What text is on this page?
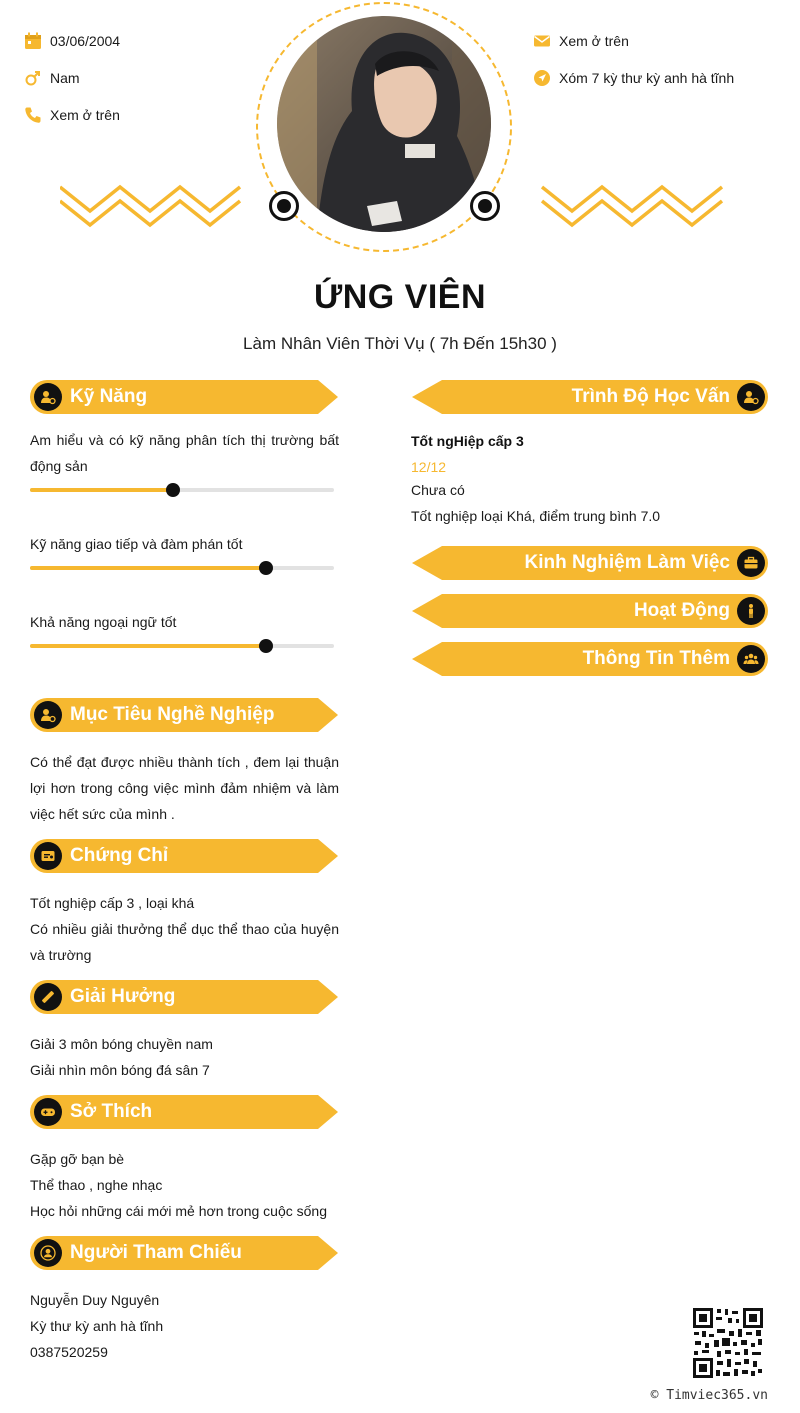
03/06/2004
Nam
Xem ở trên
Xem ở trên
Xóm 7 kỳ thư kỳ anh hà tĩnh
ỨNG VIÊN
Làm Nhân Viên Thời Vụ ( 7h Đến 15h30 )
Kỹ Năng
Am hiểu và có kỹ năng phân tích thị trường bất động sản
Kỹ năng giao tiếp và đàm phán tốt
Khả năng ngoại ngữ tốt
Mục Tiêu Nghề Nghiệp
Có thể đạt được nhiều thành tích , đem lại thuận lợi hơn trong công việc mình đảm nhiệm và làm việc hết sức của mình .
Chứng Chỉ
Tốt nghiệp cấp 3 , loại khá
Có nhiều giải thưởng thể dục thể thao của huyện và trường
Giải Hưởng
Giải 3 môn bóng chuyền nam
Giải nhìn môn bóng đá sân 7
Sở Thích
Gặp gỡ bạn bè
Thể thao , nghe nhạc
Học hỏi những cái mới mẻ hơn trong cuộc sống
Người Tham Chiếu
Nguyễn Duy Nguyên
Kỳ thư kỳ anh hà tĩnh
0387520259
Trình Độ Học Vấn
Tốt ngHiệp cấp 3
12/12
Chưa có
Tốt nghiệp loại Khá, điểm trung bình 7.0
Kinh Nghiệm Làm Việc
Hoạt Động
Thông Tin Thêm
© Timviec365.vn
